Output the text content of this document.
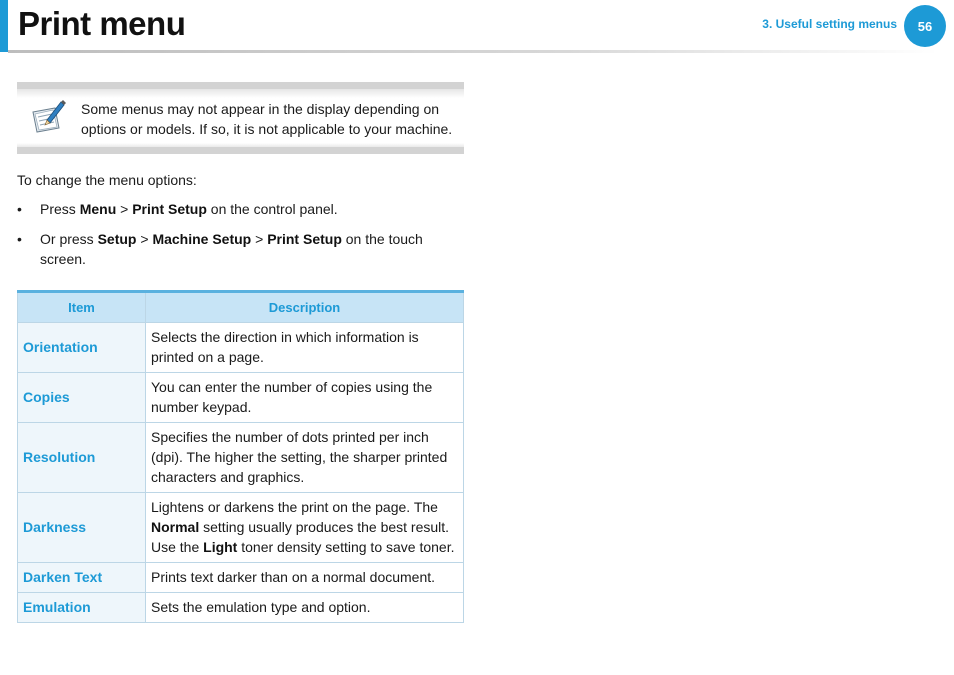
Print menu	3. Useful setting menus 56
Some menus may not appear in the display depending on options or models. If so, it is not applicable to your machine.
To change the menu options:
• Press Menu > Print Setup on the control panel.
• Or press Setup > Machine Setup > Print Setup on the touch screen.
Item	Description
Orientation	Selects the direction in which information is printed on a page.
Copies	You can enter the number of copies using the number keypad.
Resolution	Specifies the number of dots printed per inch (dpi). The higher the setting, the sharper printed characters and graphics.
Darkness	Lightens or darkens the print on the page. The Normal setting usually produces the best result. Use the Light toner density setting to save toner.
Darken Text	Prints text darker than on a normal document.
Emulation	Sets the emulation type and option.
